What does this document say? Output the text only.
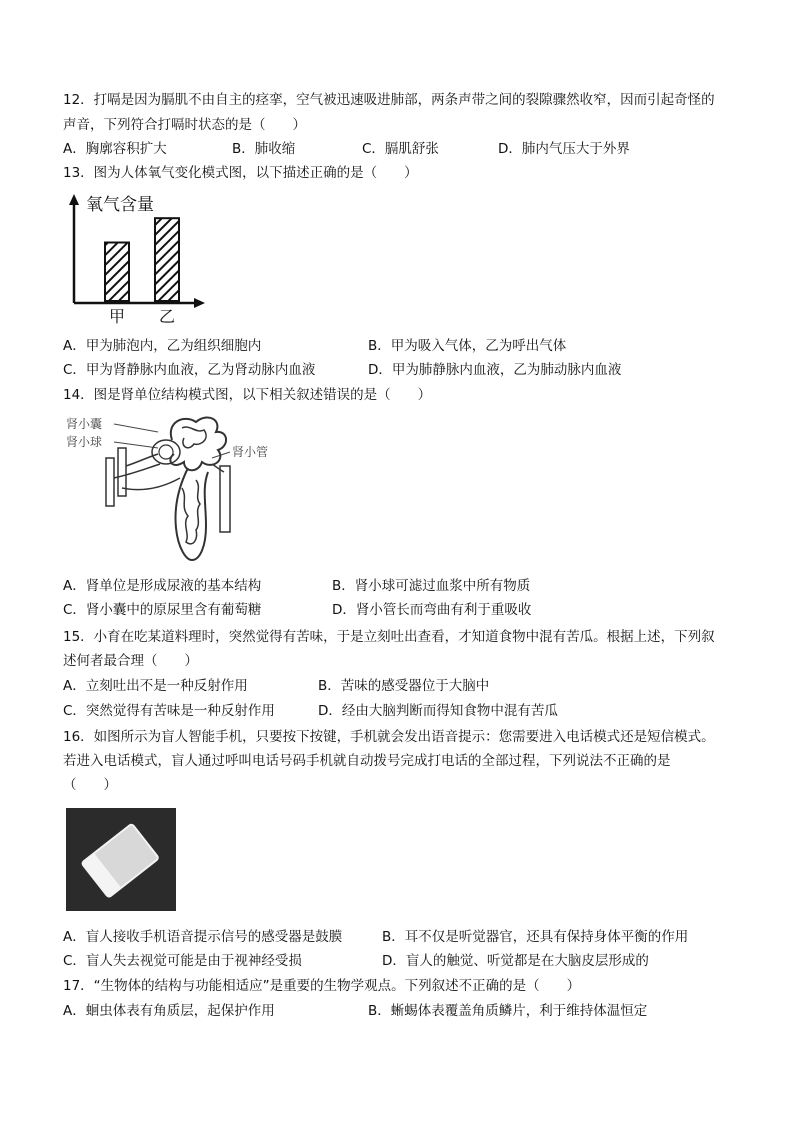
12．打嗝是因为膈肌不由自主的痉挛，空气被迅速吸进肺部，两条声带之间的裂隙骤然收窄，因而引起奇怪的
声音，下列符合打嗝时状态的是（　　）
A．胸廓容积扩大	B．肺收缩	C．膈肌舒张	D．肺内气压大于外界
13．图为人体氧气变化模式图，以下描述正确的是（　　）
氧气含量
甲 乙
A．甲为肺泡内，乙为组织细胞内	B．甲为吸入气体，乙为呼出气体
C．甲为肾静脉内血液，乙为肾动脉内血液	D．甲为肺静脉内血液，乙为肺动脉内血液
14．图是肾单位结构模式图，以下相关叙述错误的是（　　）
肾小囊
肾小球
肾小管
A．肾单位是形成尿液的基本结构	B．肾小球可滤过血浆中所有物质
C．肾小囊中的原尿里含有葡萄糖	D．肾小管长而弯曲有利于重吸收
15．小育在吃某道料理时，突然觉得有苦味，于是立刻吐出查看，才知道食物中混有苦瓜。根据上述，下列叙
述何者最合理（　　）
A．立刻吐出不是一种反射作用	B．苦味的感受器位于大脑中
C．突然觉得有苦味是一种反射作用	D．经由大脑判断而得知食物中混有苦瓜
16．如图所示为盲人智能手机，只要按下按键，手机就会发出语音提示：您需要进入电话模式还是短信模式。
若进入电话模式，盲人通过呼叫电话号码手机就自动拨号完成打电话的全部过程，下列说法不正确的是
（　　）
A．盲人接收手机语音提示信号的感受器是鼓膜	B．耳不仅是听觉器官，还具有保持身体平衡的作用
C．盲人失去视觉可能是由于视神经受损	D．盲人的触觉、听觉都是在大脑皮层形成的
17．“生物体的结构与功能相适应”是重要的生物学观点。下列叙述不正确的是（　　）
A．蛔虫体表有角质层，起保护作用	B．蜥蜴体表覆盖角质鳞片，利于维持体温恒定
